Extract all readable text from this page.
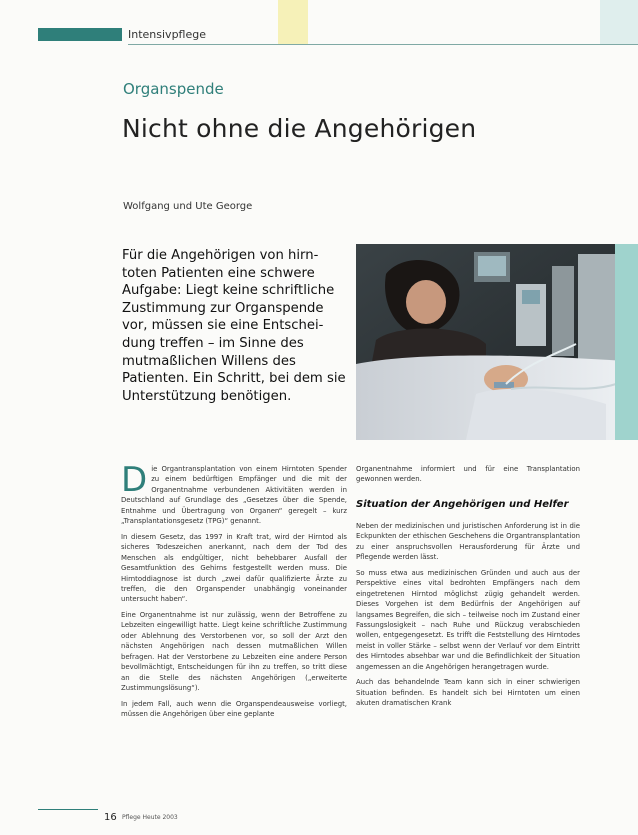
Intensivpflege
Organspende
Nicht ohne die Angehörigen
Wolfgang und Ute George
Für die Angehörigen von hirn-toten Patienten eine schwere Aufgabe: Liegt keine schriftliche Zustimmung zur Organspende vor, müssen sie eine Entschei-dung treffen – im Sinne des mutmaßlichen Willens des Patienten. Ein Schritt, bei dem sie Unterstützung benötigen.

Die Organtransplantation von einem Hirntoten Spender zu einem bedürftigen Empfänger und die mit der Organentnahme verbundenen Aktivitäten werden in Deutschland auf Grundlage des „Gesetzes über die Spende, Entnahme und Übertragung von Organen“ geregelt – kurz „Transplantationsgesetz (TPG)“ genannt.

In diesem Gesetz, das 1997 in Kraft trat, wird der Hirntod als sicheres Todeszeichen anerkannt, nach dem der Tod des Menschen als endgültiger, nicht behebbarer Ausfall der Gesamtfunktion des Gehirns festgestellt werden muss. Die Hirntoddiagnose ist durch „zwei dafür qualifizierte Ärzte zu treffen, die den Organspender unabhängig voneinander untersucht haben“.

Eine Organentnahme ist nur zulässig, wenn der Betroffene zu Lebzeiten eingewilligt hatte. Liegt keine schriftliche Zustimmung oder Ablehnung des Verstorbenen vor, so soll der Arzt den nächsten Angehörigen nach dessen mutmaßlichen Willen befragen. Hat der Verstorbene zu Lebzeiten eine andere Person bevollmächtigt, Entscheidungen für ihn zu treffen, so tritt diese an die Stelle des nächsten Angehörigen („erweiterte Zustimmungslösung“).

In jedem Fall, auch wenn die Organspendeausweise vorliegt, müssen die Angehörigen über eine geplante

Organentnahme informiert und für eine Transplantation gewonnen werden.

Situation der Angehörigen und Helfer

Neben der medizinischen und juristischen Anforderung ist in die Eckpunkten der ethischen Geschehens die Organtransplantation zu einer anspruchsvollen Herausforderung für Ärzte und Pflegende werden lässt.

So muss etwa aus medizinischen Gründen und auch aus der Perspektive eines vital bedrohten Empfängers nach dem eingetretenen Hirntod möglichst zügig gehandelt werden. Dieses Vorgehen ist dem Bedürfnis der Angehörigen auf langsames Begreifen, die sich – teilweise noch im Zustand einer Fassungslosigkeit – nach Ruhe und Rückzug verabschieden wollen, entgegengesetzt. Es trifft die Feststellung des Hirntodes meist in voller Stärke – selbst wenn der Verlauf vor dem Eintritt des Hirntodes absehbar war und die Befindlichkeit der Situation angemessen an die Angehörigen herangetragen wurde.

Auch das behandelnde Team kann sich in einer schwierigen Situation befinden. Es handelt sich bei Hirntoten um einen akuten dramatischen Krank

16 Pflege Heute 2003
